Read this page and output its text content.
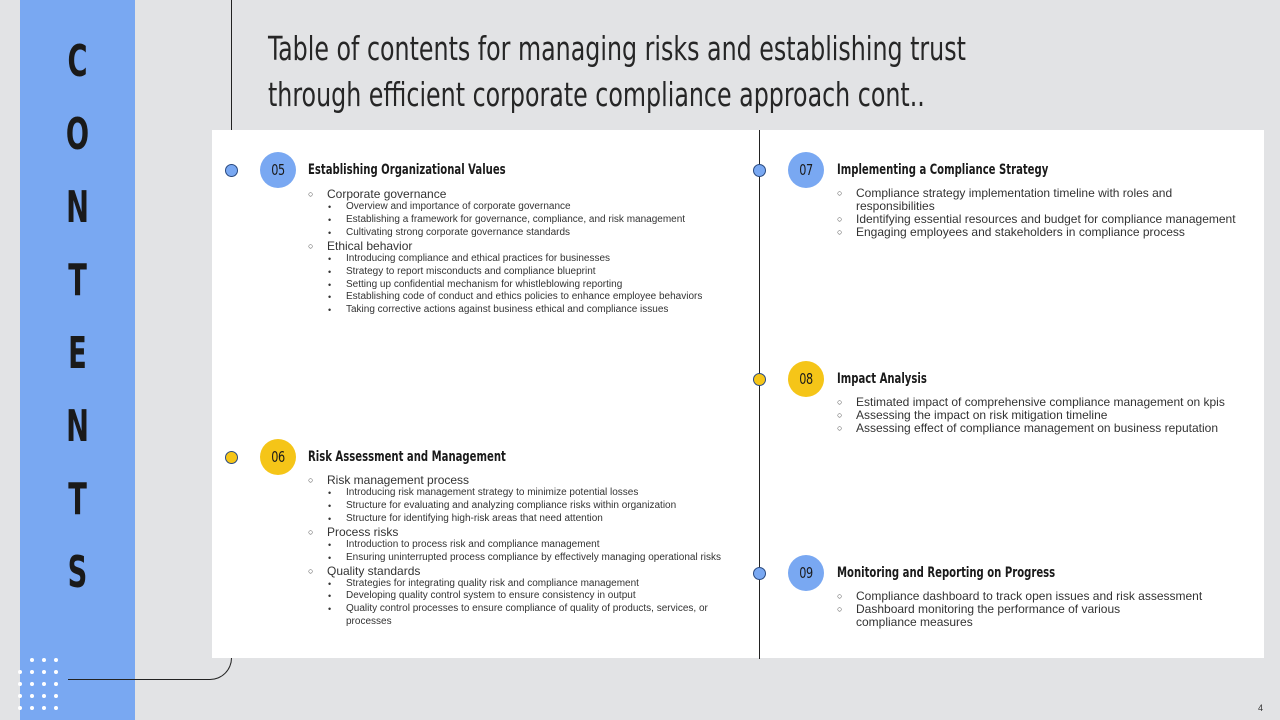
C
O
N
T
E
N
T
S
Table of contents for managing risks and establishing trust through efficient corporate compliance approach cont..
05 Establishing Organizational Values
○ Corporate governance
• Overview and importance of corporate governance
• Establishing a framework for governance, compliance, and risk management
• Cultivating strong corporate governance standards
○ Ethical behavior
• Introducing compliance and ethical practices for businesses
• Strategy to report misconducts and compliance blueprint
• Setting up confidential mechanism for whistleblowing reporting
• Establishing code of conduct and ethics policies to enhance employee behaviors
• Taking corrective actions against business ethical and compliance issues
06 Risk Assessment and Management
○ Risk management process
• Introducing risk management strategy to minimize potential losses
• Structure for evaluating and analyzing compliance risks within organization
• Structure for identifying high-risk areas that need attention
○ Process risks
• Introduction to process risk and compliance management
• Ensuring uninterrupted process compliance by effectively managing operational risks
○ Quality standards
• Strategies for integrating quality risk and compliance management
• Developing quality control system to ensure consistency in output
• Quality control processes to ensure compliance of quality of products, services, or processes
07 Implementing a Compliance Strategy
○ Compliance strategy implementation timeline with roles and responsibilities
○ Identifying essential resources and budget for compliance management
○ Engaging employees and stakeholders in compliance process
08 Impact Analysis
○ Estimated impact of comprehensive compliance management on kpis
○ Assessing the impact on risk mitigation timeline
○ Assessing effect of compliance management on business reputation
09 Monitoring and Reporting on Progress
○ Compliance dashboard to track open issues and risk assessment
○ Dashboard monitoring the performance of various compliance measures
4
